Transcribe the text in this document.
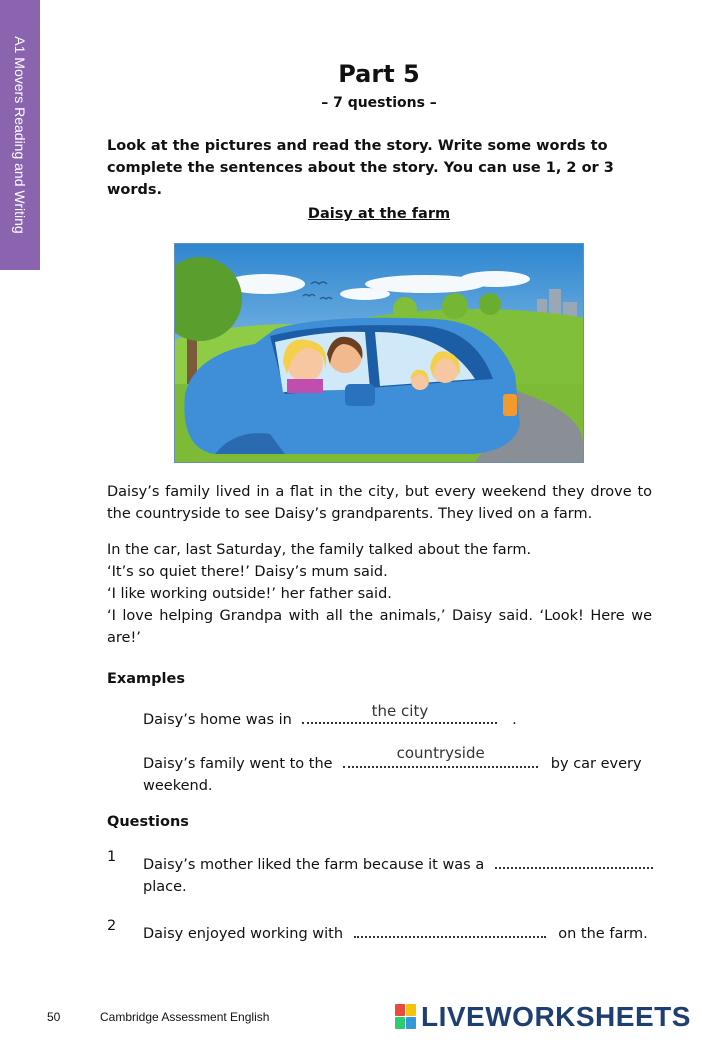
A1 Movers Reading and Writing	Part 5
– 7 questions –
Look at the pictures and read the story. Write some words to complete the sentences about the story. You can use 1, 2 or 3 words.
Daisy at the farm
Daisy’s family lived in a flat in the city, but every weekend they drove to the countryside to see Daisy’s grandparents. They lived on a farm.
In the car, last Saturday, the family talked about the farm.
‘It’s so quiet there!’ Daisy’s mum said.
‘I like working outside!’ her father said.
‘I love helping Grandpa with all the animals,’ Daisy said. ‘Look! Here we are!’
Examples
Daisy’s home was in	the city	.
Daisy’s family went to the
countryside
by car every weekend.
Questions
1 Daisy’s mother liked the farm because it was a  place.
2 Daisy enjoyed working with	on the farm.
50	Cambridge Assessment English	LIVEWORKSHEETS
